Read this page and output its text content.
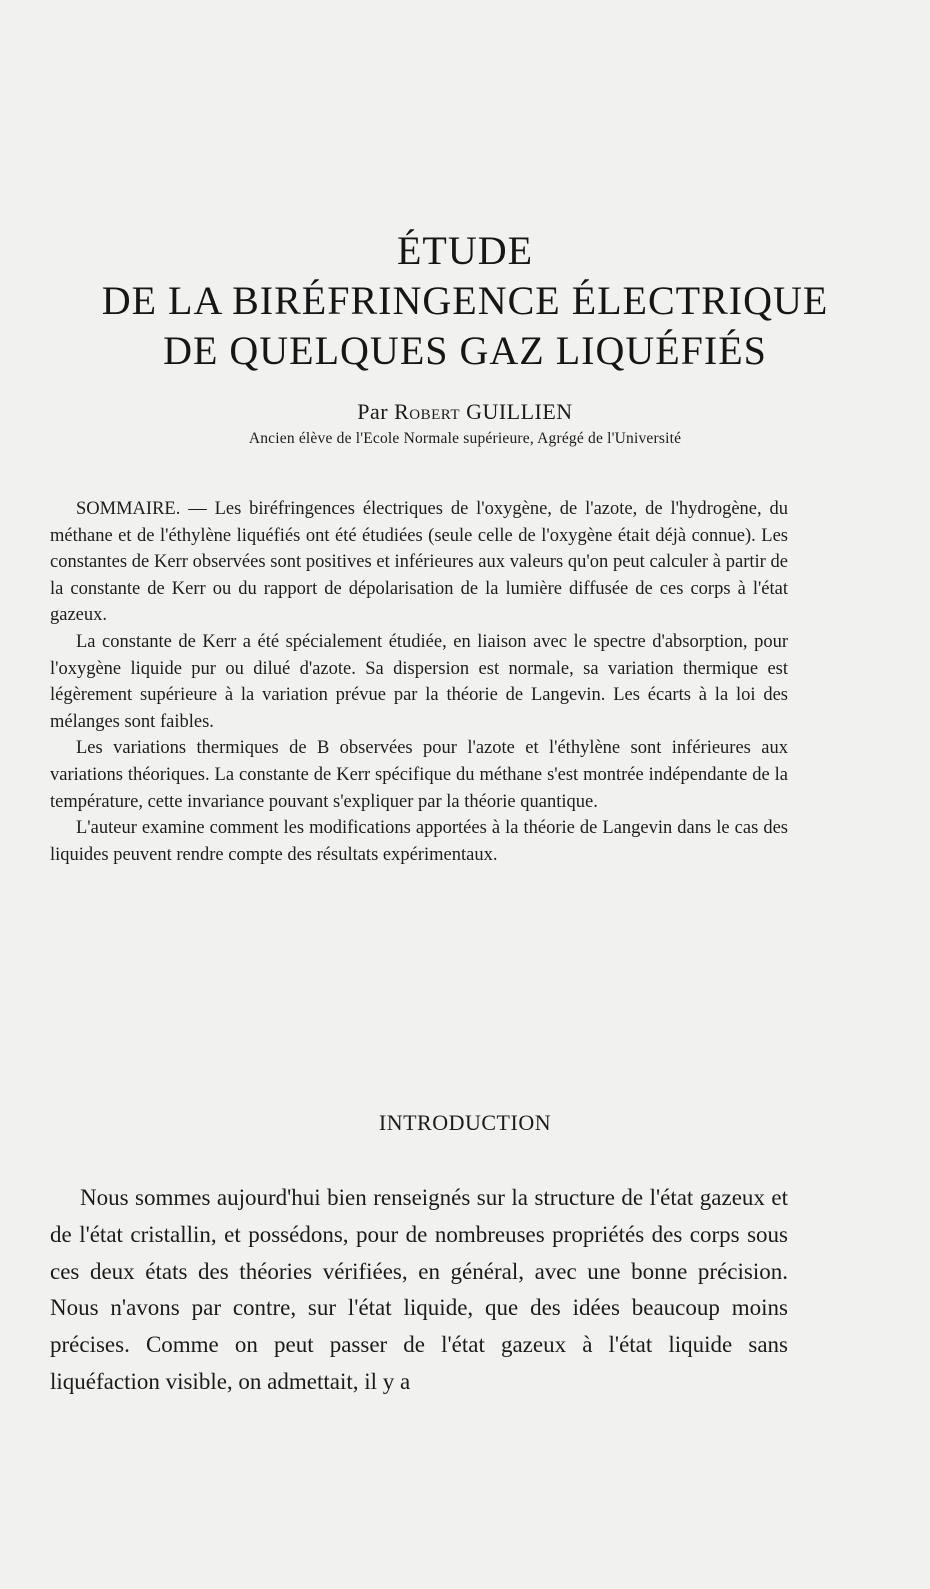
ÉTUDE
DE LA BIRÉFRINGENCE ÉLECTRIQUE
DE QUELQUES GAZ LIQUÉFIÉS
Par Robert GUILLIEN
Ancien élève de l'Ecole Normale supérieure, Agrégé de l'Université

SOMMAIRE. — Les biréfringences électriques de l'oxygène, de l'azote, de l'hydrogène, du méthane et de l'éthylène liquéfiés ont été étudiées (seule celle de l'oxygène était déjà connue). Les constantes de Kerr observées sont positives et inférieures aux valeurs qu'on peut calculer à partir de la constante de Kerr ou du rapport de dépolarisation de la lumière diffusée de ces corps à l'état gazeux.

La constante de Kerr a été spécialement étudiée, en liaison avec le spectre d'absorption, pour l'oxygène liquide pur ou dilué d'azote. Sa dispersion est normale, sa variation thermique est légèrement supérieure à la variation prévue par la théorie de Langevin. Les écarts à la loi des mélanges sont faibles.

Les variations thermiques de B observées pour l'azote et l'éthylène sont inférieures aux variations théoriques. La constante de Kerr spécifique du méthane s'est montrée indépendante de la température, cette invariance pouvant s'expliquer par la théorie quantique.

L'auteur examine comment les modifications apportées à la théorie de Langevin dans le cas des liquides peuvent rendre compte des résultats expérimentaux.

INTRODUCTION

Nous sommes aujourd'hui bien renseignés sur la structure de l'état gazeux et de l'état cristallin, et possédons, pour de nombreuses propriétés des corps sous ces deux états des théories vérifiées, en général, avec une bonne précision. Nous n'avons par contre, sur l'état liquide, que des idées beaucoup moins précises. Comme on peut passer de l'état gazeux à l'état liquide sans liquéfaction visible, on admettait, il y a
